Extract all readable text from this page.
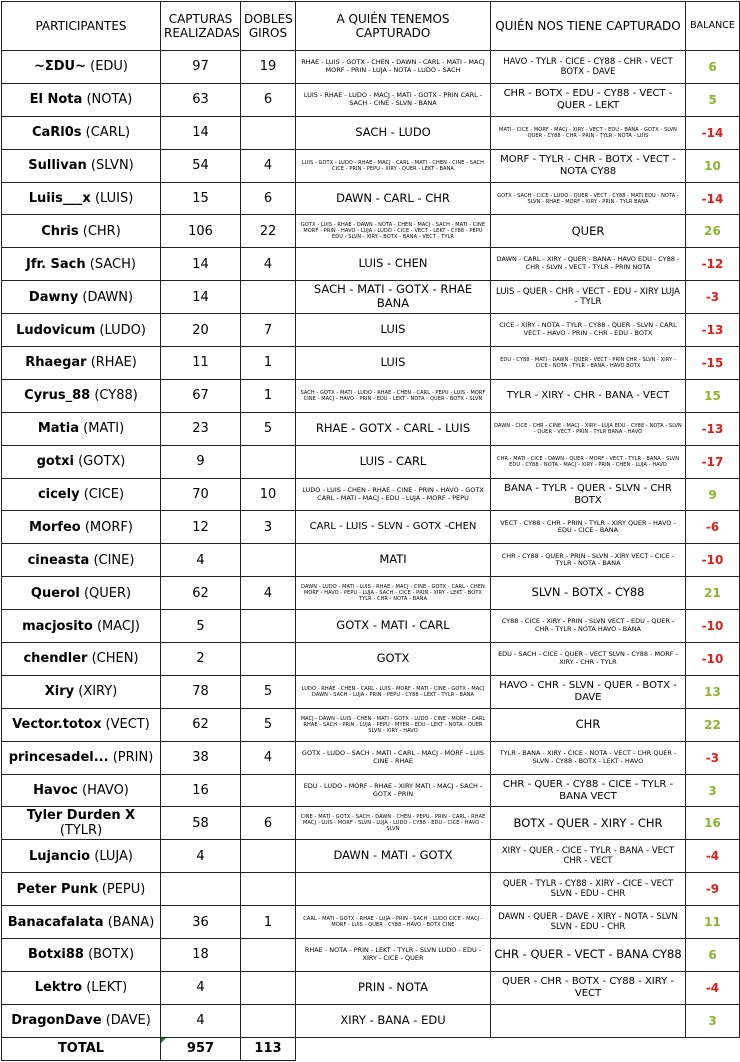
PARTICIPANTES	CAPTURAS REALIZADAS	DOBLES GIROS	A QUIÉN TENEMOS CAPTURADO	QUIÉN NOS TIENE CAPTURADO	BALANCE
~ΣDU~ (EDU)	97	19	RHAE - LUIS - GOTX - CHEN - DAWN - CARL - MATI - MACJ MORF - PRIN - LUJA - NOTA - LUDO - SACH	HAVO - TYLR - CICE - CY88 - CHR - VECT BOTX - DAVE	6
El Nota (NOTA)	63	6	LUIS - RHAE - LUDO - MACJ - MATI - GOTX - PRIN CARL - SACH - CINE - SLVN - BANA	CHR - BOTX - EDU - CY88 - VECT - QUER - LEKT	5
CaRl0s (CARL)	14		SACH - LUDO	MATI - CICE - MORF - MACJ - XIRY - VECT - EDU - BANA - GOTX - SLVN QUER - CY88 - CHR - PRIN - TYLR - NOTA - LUIS	-14
Sullivan (SLVN)	54	4	LUIS - GOTX - LUDO - RHAE - MACJ - CARL - MATI - CHEN - CINE - SACH CICE - PRIN - PEPU - XIRY - QUER - LEKT - BANA	MORF - TYLR - CHR - BOTX - VECT - NOTA CY88	10
Luiis___x (LUIS)	15	6	DAWN - CARL - CHR	GOTX - SACH - CICE - LUDO - QUER - VECT - CY88 - MATI EDU - NOTA - SLVN - RHAE - MORF - XIRY - PRIN - TYLR BANA	-14
Chris (CHR)	106	22	GOTX - LUIS - RHAE - DAWN - NOTA - CHEN - MACJ - SACH - MATI - CINE MORF - PRIN - HAVO - LUJA - LUDO - CICE - VECT - LEKT - CY88 - PEPU EDU - SLVN - XIRY - BOTX - BANA - VECT - TYLR	QUER	26
Jfr. Sach (SACH)	14	4	LUIS - CHEN	DAWN - CARL - XIRY - QUER - BANA - HAVO EDU - CY88 - CHR - SLVN - VECT - TYLR - PRIN NOTA	-12
Dawny (DAWN)	14		SACH - MATI - GOTX - RHAE BANA	LUIS - QUER - CHR - VECT - EDU - XIRY LUJA - TYLR	-3
Ludovicum (LUDO)	20	7	LUIS	CICE - XIRY - NOTA - TYLR - CY88 - QUER - SLVN - CARL VECT - HAVO - PRIN - CHR - EDU - BOTX	-13
Rhaegar (RHAE)	11	1	LUIS	EDU - CY88 - MATI - DAWN - QUER - VECT - PRIN CHR - SLVN - XIRY - CICE - NOTA - TYLR - BANA - HAVO BOTX	-15
Cyrus_88 (CY88)	67	1	SACH - GOTX - MATI - LUDO - RHAE - CHEN - CARL - PEPU - LUIS - MORF CINE - MACJ - HAVO - PRIN - EDU - LEKT - NOTA - QUER - BOTX - SLVN	TYLR - XIRY - CHR - BANA - VECT	15
Matia (MATI)	23	5	RHAE - GOTX - CARL - LUIS	DAWN - CICE - CHR - CINE - MACJ - XIRY - LUJA EDU - CY88 - NOTA - SLVN - QUER - VECT - PRIN - TYLR BANA - HAVO	-13
gotxi (GOTX)	9		LUIS - CARL	CHR - MATI - CICE - DAWN - QUER - MORF - VECT - TYLR - BANA - SLVN EDU - CY88 - NOTA - MACJ - XIRY - PRIN - CHEN - LUJA - HAVO	-17
cicely (CICE)	70	10	LUDO - LUIS - CHEN - RHAE - CINE - PRIN - HAVO - GOTX CARL - MATI - MACJ - EDU - LUJA - MORF - PEPU	BANA - TYLR - QUER - SLVN - CHR BOTX	9
Morfeo (MORF)	12	3	CARL - LUIS - SLVN - GOTX -CHEN	VECT - CY88 - CHR - PRIN - TYLR - XIRY QUER - HAVO - EDU - CICE - BANA	-6
cineasta (CINE)	4		MATI	CHR - CY88 - QUER - PRIN - SLVN - XIRY VECT - CICE - TYLR - NOTA - BANA	-10
Querol (QUER)	62	4	DAWN - LUDO - MATI - LUIS - RHAE - MACJ - CINE - GOTX - CARL - CHEN MORF - HAVO - PEPU - LUJA - SACH - CICE - PRIN - XIRY - LEKT - BOTX TYLR - CHR - NOTA - BANA	SLVN - BOTX - CY88	21
macjosito (MACJ)	5		GOTX - MATI - CARL	CY88 - CICE - XIRY - PRIN - SLVN VECT - EDU - QUER - CHR - TYLR - NOTA HAVO - BANA	-10
chendler (CHEN)	2		GOTX	EDU - SACH - CICE - QUER - VECT SLVN - CY88 - MORF - XIRY - CHR - TYLR	-10
Xiry (XIRY)	78	5	LUDO - RHAE - CHEN - CARL - LUIS - MORF - MATI - CINE - GOTX - MACJ DAWN - SACH - LUJA - PRIN - PEPU - CY88 - LEKT - TYLR - BANA	HAVO - CHR - SLVN - QUER - BOTX - DAVE	13
Vector.totox (VECT)	62	5	MACJ - DAWN - LUIS - CHEN - MATI - GOTX - LUDO - CINE - MORF - CARL RHAE - SACH - PRIN - LUJA - PEPU - MYER - EDU - LEKT - NOTA - QUER SLVN - XIRY - HAVO	CHR	22
princesadel... (PRIN)	38	4	GOTX - LUDO - SACH - MATI - CARL - MACJ - MORF - LUIS CINE - RHAE	TYLR - BANA - XIRY - CICE - NOTA - VECT - CHR QUER - SLVN - CY88 - BOTX - LEKT - HAVO	-3
Havoc (HAVO)	16		EDU - LUDO - MORF - RHAE - XIRY MATI - MACJ - SACH - GOTX - PRIN	CHR - QUER - CY88 - CICE - TYLR - BANA VECT	3
Tyler Durden X (TYLR)	58	6	CINE - MATI - GOTX - SACH - DAWN - CHEN - PEPU - PRIN - CARL - RHAE MACJ - LUIS - MORF - SLVN - LUJA - LUDO - CY88 - EDU - CICE - HAVO - SLVN	BOTX - QUER - XIRY - CHR	16
Lujancio (LUJA)	4		DAWN - MATI - GOTX	XIRY - QUER - CICE - TYLR - BANA - VECT CHR - VECT	-4
Peter Punk (PEPU)				QUER - TYLR - CY88 - XIRY - CICE - VECT SLVN - EDU - CHR	-9
Banacafalata (BANA)	36	1	CARL - MATI - GOTX - RHAE - LUJA - PRIN - SACH - LUDO CICE - MACJ - MORF - LUIS - QUER - CY88 - HAVO - BOTX CINE	DAWN - QUER - DAVE - XIRY - NOTA - SLVN SLVN - EDU - CHR	11
Botxi88 (BOTX)	18		RHAE - NOTA - PRIN - LEKT - TYLR - SLVN LUDO - EDU - XIRY - CICE - QUER	CHR - QUER - VECT - BANA CY88	6
Lektro (LEKT)	4		PRIN - NOTA	QUER - CHR - BOTX - CY88 - XIRY - VECT	-4
DragonDave (DAVE)	4		XIRY - BANA - EDU		3
TOTAL	957	113			
